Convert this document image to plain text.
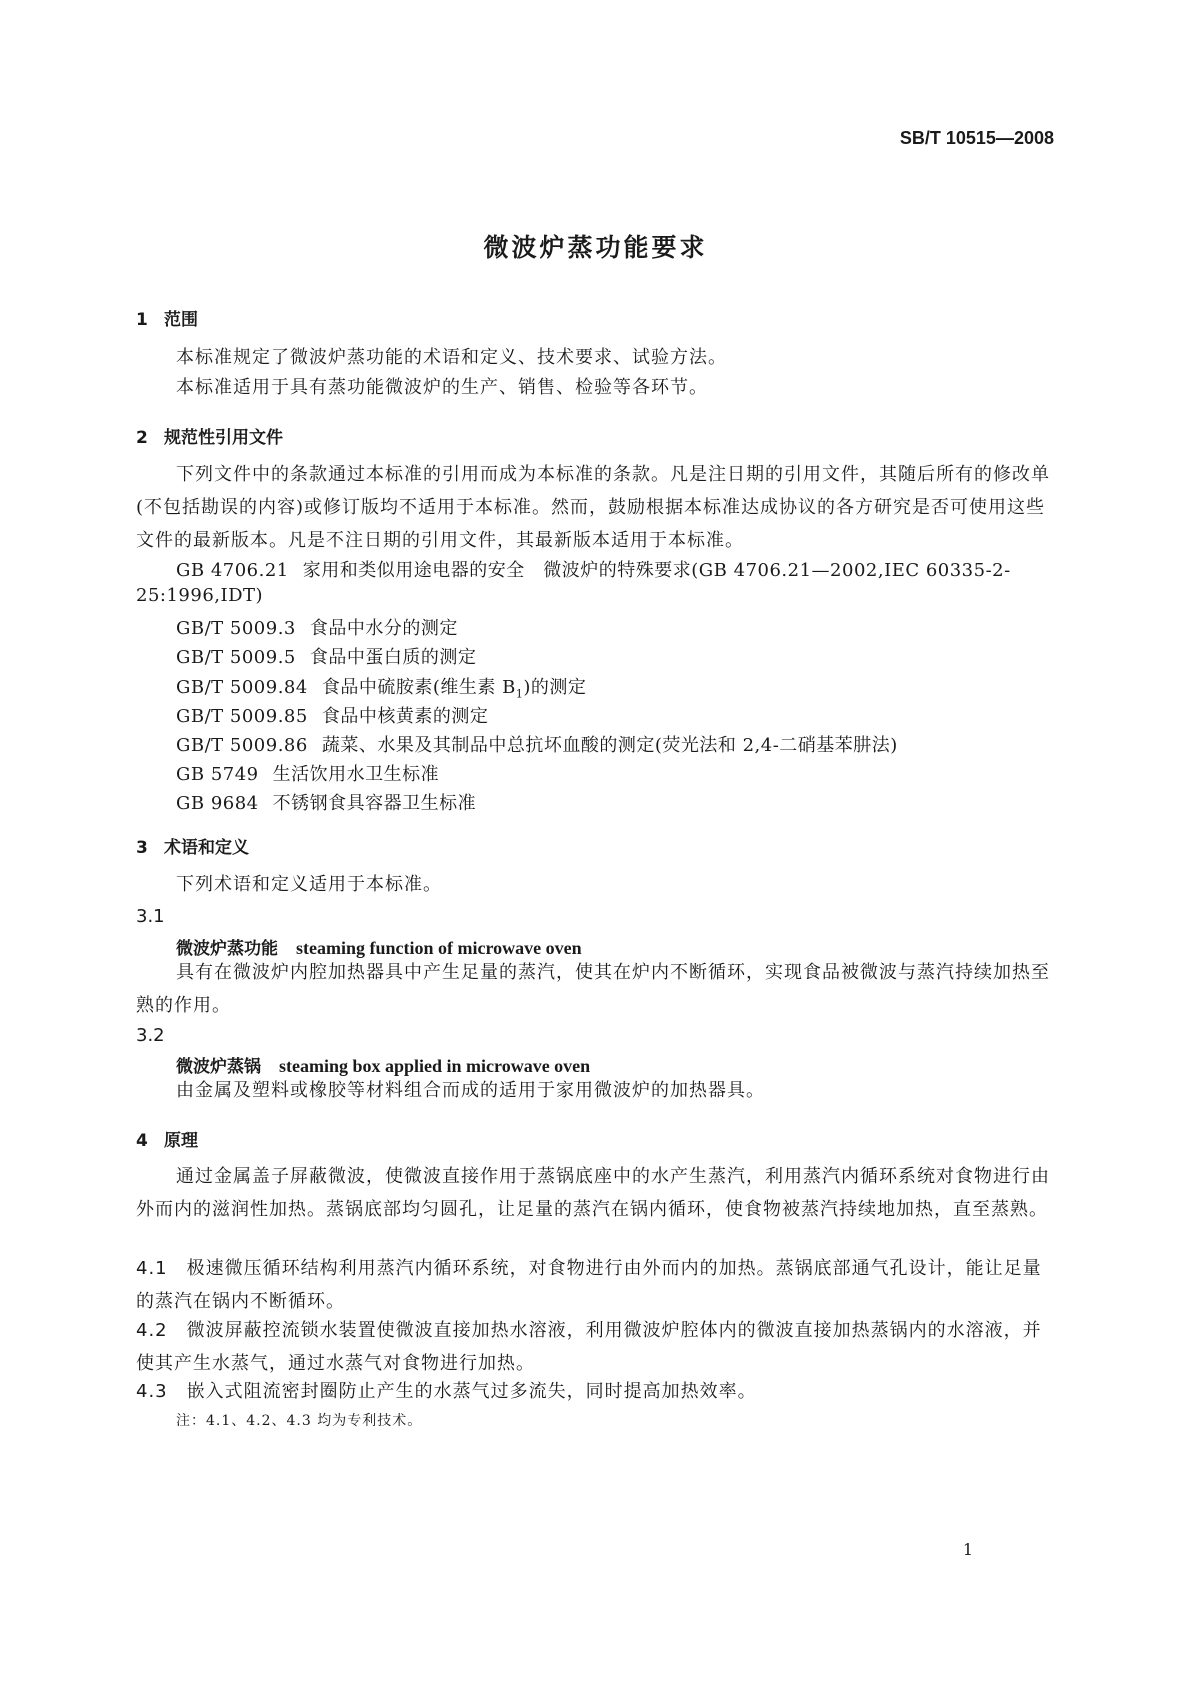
SB/T 10515—2008
微波炉蒸功能要求
1 范围
本标准规定了微波炉蒸功能的术语和定义、技术要求、试验方法。
本标准适用于具有蒸功能微波炉的生产、销售、检验等各环节。
2 规范性引用文件
下列文件中的条款通过本标准的引用而成为本标准的条款。凡是注日期的引用文件，其随后所有的修改单(不包括勘误的内容)或修订版均不适用于本标准。然而，鼓励根据本标准达成协议的各方研究是否可使用这些文件的最新版本。凡是不注日期的引用文件，其最新版本适用于本标准。
GB 4706.21 家用和类似用途电器的安全　微波炉的特殊要求(GB 4706.21—2002,IEC 60335-2-
25:1996,IDT)
GB/T 5009.3 食品中水分的测定
GB/T 5009.5 食品中蛋白质的测定
GB/T 5009.84 食品中硫胺素(维生素 $B_1$)的测定
GB/T 5009.85 食品中核黄素的测定
GB/T 5009.86 蔬菜、水果及其制品中总抗坏血酸的测定(荧光法和 2,4-二硝基苯肼法)
GB 5749 生活饮用水卫生标准
GB 9684 不锈钢食具容器卫生标准
3 术语和定义
下列术语和定义适用于本标准。
3.1
微波炉蒸功能 steaming function of microwave oven
具有在微波炉内腔加热器具中产生足量的蒸汽，使其在炉内不断循环，实现食品被微波与蒸汽持续加热至熟的作用。
3.2
微波炉蒸锅 steaming box applied in microwave oven
由金属及塑料或橡胶等材料组合而成的适用于家用微波炉的加热器具。
4 原理
通过金属盖子屏蔽微波，使微波直接作用于蒸锅底座中的水产生蒸汽，利用蒸汽内循环系统对食物进行由外而内的滋润性加热。蒸锅底部均匀圆孔，让足量的蒸汽在锅内循环，使食物被蒸汽持续地加热，直至蒸熟。
4.1　 极速微压循环结构利用蒸汽内循环系统，对食物进行由外而内的加热。蒸锅底部通气孔设计，能让足量的蒸汽在锅内不断循环。
4.2　 微波屏蔽控流锁水装置使微波直接加热水溶液，利用微波炉腔体内的微波直接加热蒸锅内的水溶液，并使其产生水蒸气，通过水蒸气对食物进行加热。
4.3　 嵌入式阻流密封圈防止产生的水蒸气过多流失，同时提高加热效率。
注：4.1、4.2、4.3 均为专利技术。
1
